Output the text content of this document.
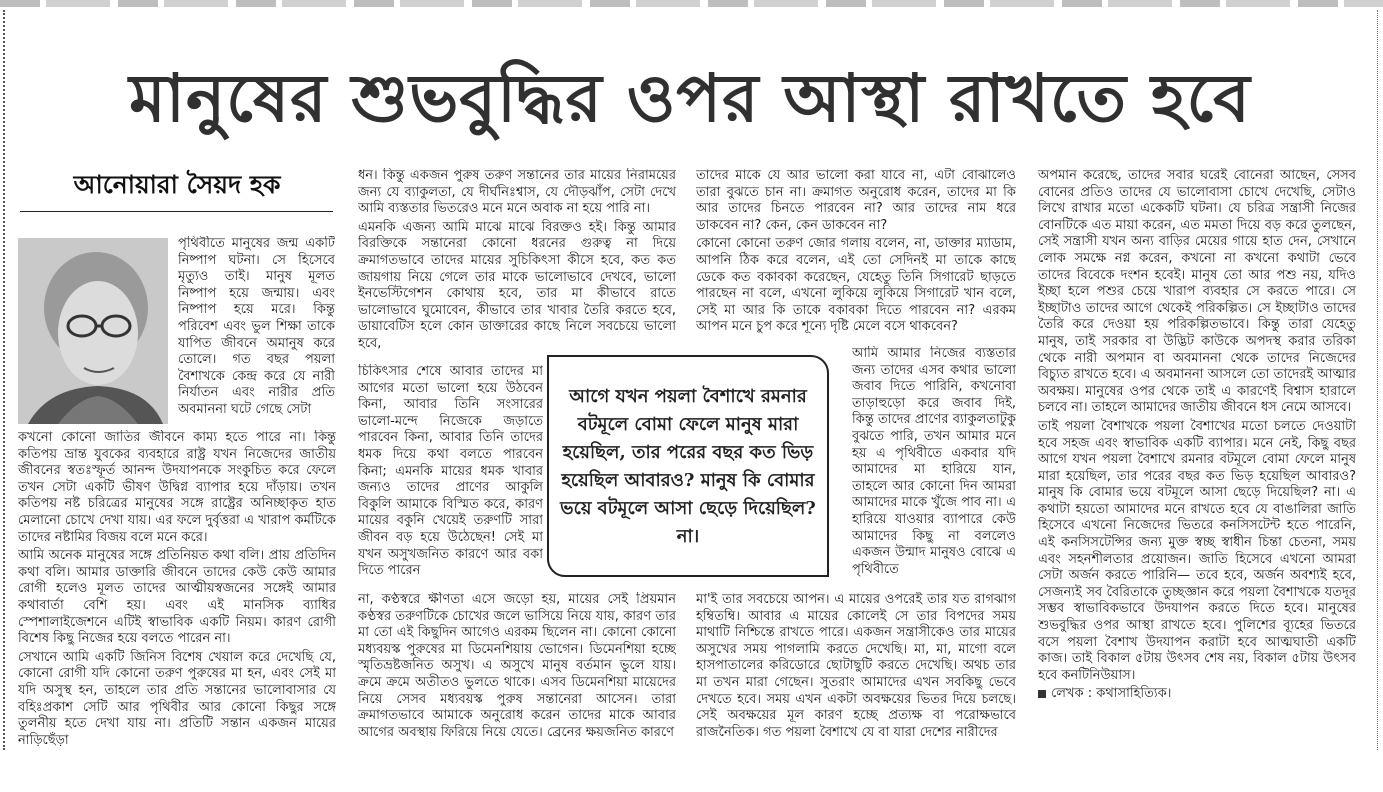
মানুষের শুভবুদ্ধির ওপর আস্থা রাখতে হবে
আনোয়ারা সৈয়দ হক
পৃথিবীতে মানুষের জন্ম একটি নিষ্পাপ ঘটনা। সে হিসেবে মৃত্যুও তাই। মানুষ মূলত নিষ্পাপ হয়ে জন্মায়। এবং নিষ্পাপ হয়ে মরে। কিন্তু পরিবেশ এবং ভুল শিক্ষা তাকে যাপিত জীবনে অমানুষ করে তোলে। গত বছর পয়লা বৈশাখকে কেন্দ্র করে যে নারী নির্যাতন এবং নারীর প্রতি অবমাননা ঘটে গেছে সেটা

কখনো কোনো জাতির জীবনে কাম্য হতে পারে না। কিন্তু কতিপয় ভ্রান্ত যুবকের ব্যবহারে রাষ্ট্র যখন নিজেদের জাতীয় জীবনের স্বতঃস্ফূর্ত আনন্দ উদযাপনকে সংকুচিত করে ফেলে তখন সেটা একটি ভীষণ উদ্বিগ্ন ব্যাপার হয়ে দাঁড়ায়। তখন কতিপয় নষ্ট চরিত্রের মানুষের সঙ্গে রাষ্ট্রের অনিচ্ছাকৃত হাত মেলানো চোখে দেখা যায়। এর ফলে দুর্বৃত্তরা এ খারাপ কর্মটিকে তাদের নষ্টামির বিজয় বলে মনে করে।

আমি অনেক মানুষের সঙ্গে প্রতিনিয়ত কথা বলি। প্রায় প্রতিদিন কথা বলি। আমার ডাক্তারি জীবনে তাদের কেউ কেউ আমার রোগী হলেও মূলত তাদের আত্মীয়স্বজনের সঙ্গেই আমার কথাবার্তা বেশি হয়। এবং এই মানসিক ব্যাধির স্পেশালাইজেশনে এটিই স্বাভাবিক একটি নিয়ম। কারণ রোগী বিশেষ কিছু নিজের হয়ে বলতে পারেন না।

সেখানে আমি একটি জিনিস বিশেষ খেয়াল করে দেখেছি যে, কোনো রোগী যদি কোনো তরুণ পুরুষের মা হন, এবং সেই মা যদি অসুস্থ হন, তাহলে তার প্রতি সন্তানের ভালোবাসার যে বহিঃপ্রকাশ সেটি আর পৃথিবীর আর কোনো কিছুর সঙ্গে তুলনীয় হতে দেখা যায় না। প্রতিটি সন্তান একজন মায়ের নাড়িছেঁড়া

ধন। কিন্তু একজন পুরুষ তরুণ সন্তানের তার মায়ের নিরাময়ের জন্য যে ব্যাকুলতা, যে দীর্ঘনিঃশ্বাস, যে দৌড়ঝাঁপ, সেটা দেখে আমি ব্যস্ততার ভিতরেও মনে মনে অবাক না হয়ে পারি না।

এমনকি এজন্য আমি মাঝে মাঝে বিরক্তও হই। কিন্তু আমার বিরক্তিকে সন্তানেরা কোনো ধরনের গুরুত্ব না দিয়ে ক্রমাগতভাবে তাদের মায়ের সুচিকিৎসা কীসে হবে, কত কত জায়গায় নিয়ে গেলে তার মাকে ভালোভাবে দেখবে, ভালো ইনভেস্টিগেশন কোথায় হবে, তার মা কীভাবে রাতে ভালোভাবে ঘুমোবেন, কীভাবে তার খাবার তৈরি করতে হবে, ডায়াবেটিস হলে কোন ডাক্তারের কাছে নিলে সবচেয়ে ভালো হবে,

চিকিৎসার শেষে আবার তাদের মা আগের মতো ভালো হয়ে উঠবেন কিনা, আবার তিনি সংসারের ভালো-মন্দে নিজেকে জড়াতে পারবেন কিনা, আবার তিনি তাদের ধমক দিয়ে কথা বলতে পারবেন কিনা; এমনকি মায়ের ধমক খাবার জন্যও তাদের প্রাণের আকুলি বিকুলি আমাকে বিস্মিত করে, কারণ মায়ের বকুনি খেয়েই তরুণটি সারা জীবন বড় হয়ে উঠেছেন! সেই মা যখন অসুখজনিত কারণে আর বকা দিতে পারেন
না, কণ্ঠস্বরে ক্ষীণতা এসে জড়ো হয়, মায়ের সেই প্রিয়মান কণ্ঠস্বর তরুণটিকে চোখের জলে ভাসিয়ে নিয়ে যায়, কারণ তার মা তো এই কিছুদিন আগেও এরকম ছিলেন না। কোনো কোনো মধ্যবয়স্ক পুরুষের মা ডিমেনশিয়ায় ভোগেন। ডিমেনশিয়া হচ্ছে স্মৃতিভ্রষ্টজনিত অসুখ। এ অসুখে মানুষ বর্তমান ভুলে যায়। ক্রমে ক্রমে অতীতও ভুলতে থাকে। এসব ডিমেনশিয়া মায়েদের নিয়ে সেসব মধ্যবয়স্ক পুরুষ সন্তানেরা আসেন। তারা ক্রমাগতভাবে আমাকে অনুরোধ করেন তাদের মাকে আবার আগের অবস্থায় ফিরিয়ে নিয়ে যেতে। ব্রেনের ক্ষয়জনিত কারণে

তাদের মাকে যে আর ভালো করা যাবে না, এটা বোঝালেও তারা বুঝতে চান না। ক্রমাগত অনুরোধ করেন, তাদের মা কি আর তাদের চিনতে পারবেন না? আর তাদের নাম ধরে ডাকবেন না? কেন, কেন ডাকবেন না?

কোনো কোনো তরুণ জোর গলায় বলেন, না, ডাক্তার ম্যাডাম, আপনি ঠিক করে বলেন, এই তো সেদিনই মা তাকে কাছে ডেকে কত বকাবকা করেছেন, যেহেতু তিনি সিগারেট ছাড়তে পারছেন না বলে, এখনো লুকিয়ে লুকিয়ে সিগারেট খান বলে, সেই মা আর কি তাকে বকাবকা দিতে পারবেন না? এরকম আপন মনে চুপ করে শূন্যে দৃষ্টি মেলে বসে থাকবেন?

আমি আমার নিজের ব্যস্ততার জন্য তাদের এসব কথার ভালো জবাব দিতে পারিনি, কখনোবা তাড়াহুড়ো করে জবাব দিই, কিন্তু তাদের প্রাণের ব্যাকুলতাটুকু বুঝতে পারি, তখন আমার মনে হয় এ পৃথিবীতে একবার যদি আমাদের মা হারিয়ে যান, তাহলে আর কোনো দিন আমরা আমাদের মাকে খুঁজে পাব না। এ হারিয়ে যাওয়ার ব্যাপারে কেউ আমাদের কিছু না বললেও একজন উন্মাদ মানুষও বোঝে এ পৃথিবীতে
মা'ই তার সবচেয়ে আপন। এ মায়ের ওপরেই তার যত রাগঝাগ হম্বিতম্বি। আবার এ মায়ের কোলেই সে তার বিপদের সময় মাথাটি নিশ্চিন্তে রাখতে পারে। একজন সন্ত্রাসীকেও তার মায়ের অসুখের সময় পাগলামি করতে দেখেছি। মা, মা, মাগো বলে হাসপাতালের করিডোরে ছোটাছুটি করতে দেখেছি। অথচ তার মা তখন মারা গেছেন। সুতরাং আমাদের এখন সবকিছু ভেবে দেখতে হবে। সময় এখন একটা অবক্ষয়ের ভিতর দিয়ে চলছে। সেই অবক্ষয়ের মূল কারণ হচ্ছে প্রত্যক্ষ বা পরোক্ষভাবে রাজনৈতিক। গত পয়লা বৈশাখে যে বা যারা দেশের নারীদের
আগে যখন পয়লা বৈশাখে রমনার বটমূলে বোমা ফেলে মানুষ মারা হয়েছিল, তার পরের বছর কত ভিড় হয়েছিল আবারও? মানুষ কি বোমার ভয়ে বটমূলে আসা ছেড়ে দিয়েছিল? না।

অপমান করেছে, তাদের সবার ঘরেই বোনেরা আছেন, সেসব বোনের প্রতিও তাদের যে ভালোবাসা চোখে দেখেছি, সেটাও লিখে রাখার মতো একেকটি ঘটনা। যে চরিত্র সন্ত্রাসী নিজের বোনটিকে এত মায়া করেন, এত মমতা দিয়ে বড় করে তুলছেন, সেই সন্ত্রাসী যখন অন্য বাড়ির মেয়ের গায়ে হাত দেন, সেখানে লোক সমক্ষে নগ্ন করেন, কখনো না কখনো কথাটা ভেবে তাদের বিবেকে দংশন হবেই। মানুষ তো আর পশু নয়, যদিও ইচ্ছা হলে পশুর চেয়ে খারাপ ব্যবহার সে করতে পারে। সে ইচ্ছাটাও তাদের আগে থেকেই পরিকল্পিত। সে ইচ্ছাটাও তাদের তৈরি করে দেওয়া হয় পরিকল্পিতভাবে। কিন্তু তারা যেহেতু মানুষ, তাই সরকার বা উদ্ভিট কাউকে অপদস্থ করার তরিকা থেকে নারী অপমান বা অবমাননা থেকে তাদের নিজেদের বিচ্যুত রাখতে হবে। এ অবমাননা আসলে তো তাদেরই আত্মার অবক্ষয়। মানুষের ওপর থেকে তাই এ কারণেই বিশ্বাস হারালে চলবে না। তাহলে আমাদের জাতীয় জীবনে ধস নেমে আসবে।

তাই পয়লা বৈশাখকে পয়লা বৈশাখের মতো চলতে দেওয়াটা হবে সহজ এবং স্বাভাবিক একটি ব্যাপার। মনে নেই, কিছু বছর আগে যখন পয়লা বৈশাখে রমনার বটমূলে বোমা ফেলে মানুষ মারা হয়েছিল, তার পরের বছর কত ভিড় হয়েছিল আবারও? মানুষ কি বোমার ভয়ে বটমূলে আসা ছেড়ে দিয়েছিল? না। এ কথাটা হয়তো আমাদের মনে রাখতে হবে যে বাঙালিরা জাতি হিসেবে এখনো নিজেদের ভিতরে কনসিসটেন্ট হতে পারেনি, এই কনসিসটেন্সির জন্য মুক্ত স্বচ্ছ স্বাধীন চিন্তা চেতনা, সময় এবং সহনশীলতার প্রয়োজন। জাতি হিসেবে এখনো আমরা সেটা অর্জন করতে পারিনি— তবে হবে, অর্জন অবশ্যই হবে, সেজন্যই সব বৈরিতাকে তুচ্ছজ্ঞান করে পয়লা বৈশাখকে যতদূর সম্ভব স্বাভাবিকভাবে উদযাপন করতে দিতে হবে। মানুষের শুভবুদ্ধির ওপর আস্থা রাখতে হবে। পুলিশের ব্যূহের ভিতরে বসে পয়লা বৈশাখ উদযাপন করাটা হবে আত্মঘাতী একটি কাজ। তাই বিকাল ৫টায় উৎসব শেষ নয়, বিকাল ৫টায় উৎসব হবে কনটিনিউয়াস।

লেখক : কথাসাহিত্যিক।
